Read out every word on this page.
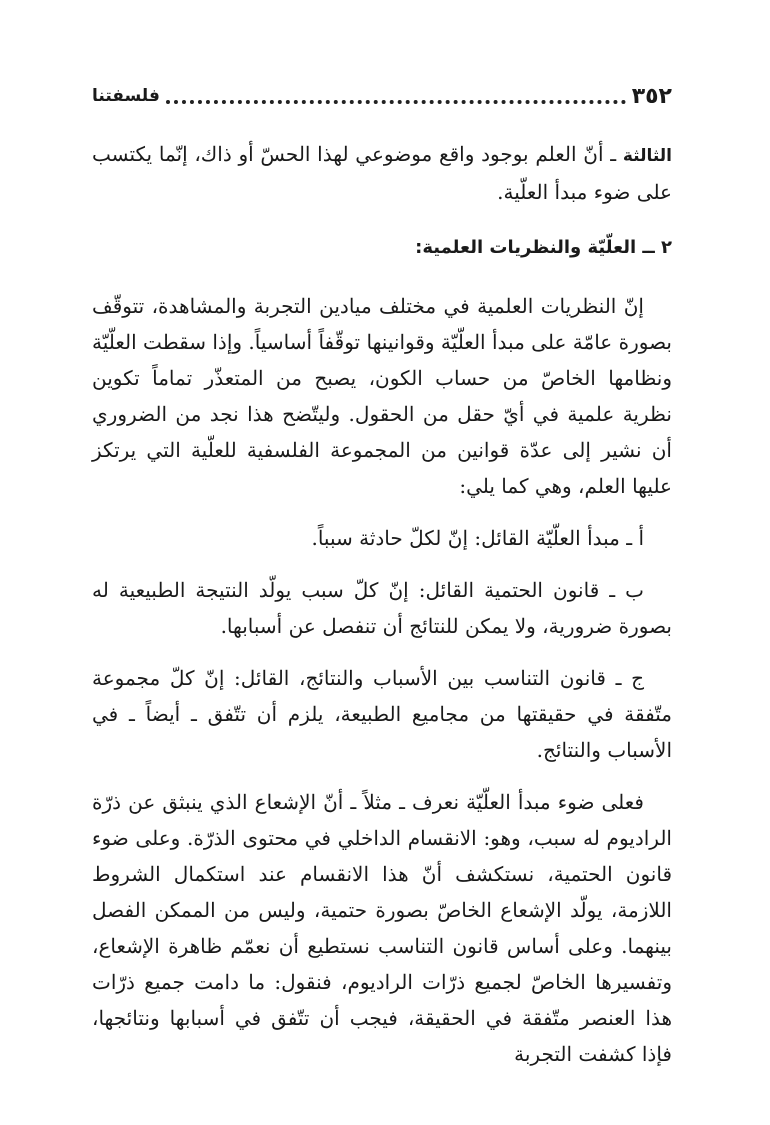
٣٥٢
فلسفتنا

الثالثة ـ أنّ العلم بوجود واقع موضوعي لهذا الحسّ أو ذاك، إنّما يكتسب على ضوء مبدأ العلّية.

٢ ــ العلّيّة والنظريات العلمية:

إنّ النظريات العلمية في مختلف ميادين التجربة والمشاهدة، تتوقّف بصورة عامّة على مبدأ العلّيّة وقوانينها توقّفاً أساسياً. وإذا سقطت العلّيّة ونظامها الخاصّ من حساب الكون، يصبح من المتعذّر تماماً تكوين نظرية علمية في أيّ حقل من الحقول. وليتّضح هذا نجد من الضروري أن نشير إلى عدّة قوانين من المجموعة الفلسفية للعلّية التي يرتكز عليها العلم، وهي كما يلي:

أ ـ مبدأ العلّيّة القائل: إنّ لكلّ حادثة سبباً.

ب ـ قانون الحتمية القائل: إنّ كلّ سبب يولّد النتيجة الطبيعية له بصورة ضرورية، ولا يمكن للنتائج أن تنفصل عن أسبابها.

ج ـ قانون التناسب بين الأسباب والنتائج، القائل: إنّ كلّ مجموعة متّفقة في حقيقتها من مجاميع الطبيعة، يلزم أن تتّفق ـ أيضاً ـ في الأسباب والنتائج.

فعلى ضوء مبدأ العلّيّة نعرف ـ مثلاً ـ أنّ الإشعاع الذي ينبثق عن ذرّة الراديوم له سبب، وهو: الانقسام الداخلي في محتوى الذرّة. وعلى ضوء قانون الحتمية، نستكشف أنّ هذا الانقسام عند استكمال الشروط اللازمة، يولّد الإشعاع الخاصّ بصورة حتمية، وليس من الممكن الفصل بينهما. وعلى أساس قانون التناسب نستطيع أن نعمّم ظاهرة الإشعاع، وتفسيرها الخاصّ لجميع ذرّات الراديوم، فنقول: ما دامت جميع ذرّات هذا العنصر متّفقة في الحقيقة، فيجب أن تتّفق في أسبابها ونتائجها، فإذا كشفت التجربة
